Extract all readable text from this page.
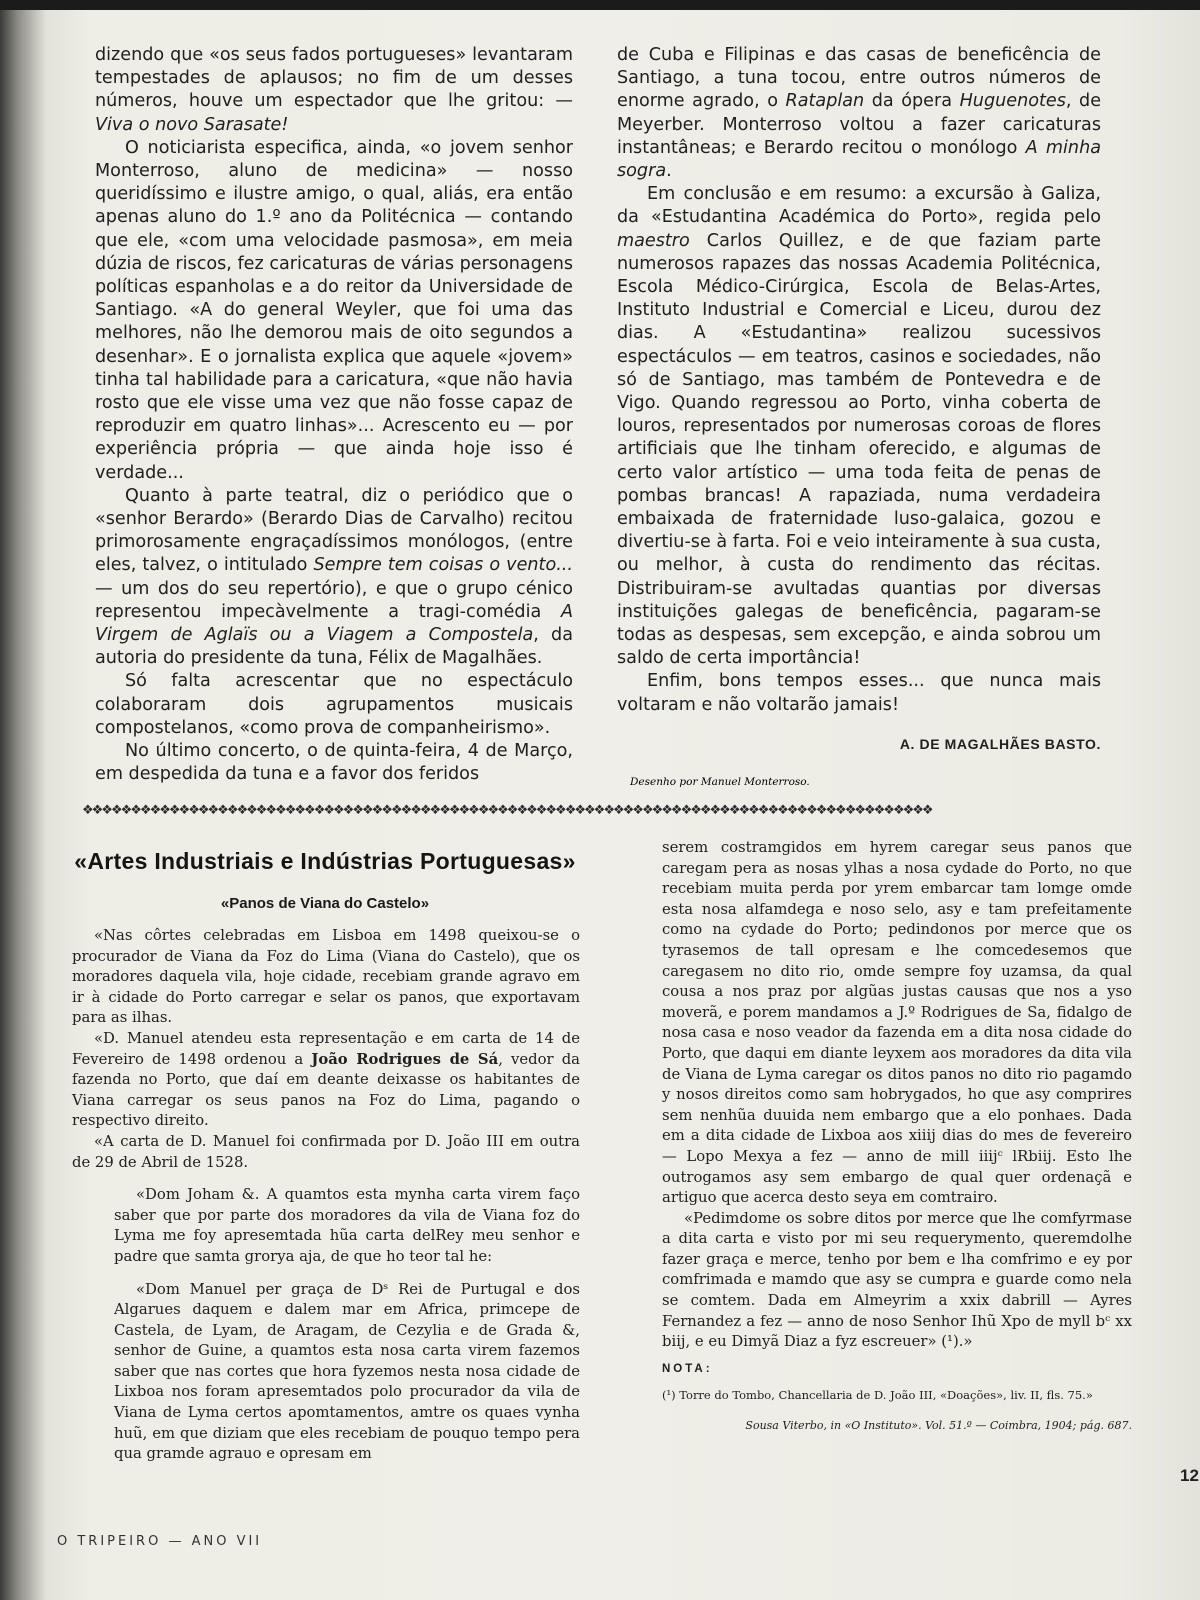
dizendo que «os seus fados portugueses» levantaram tempestades de aplausos; no fim de um desses números, houve um espectador que lhe gritou: — Viva o novo Sarasate!

O noticiarista especifica, ainda, «o jovem senhor Monterroso, aluno de medicina» — nosso queridíssimo e ilustre amigo, o qual, aliás, era então apenas aluno do 1.º ano da Politécnica — contando que ele, «com uma velocidade pasmosa», em meia dúzia de riscos, fez caricaturas de várias personagens políticas espanholas e a do reitor da Universidade de Santiago. «A do general Weyler, que foi uma das melhores, não lhe demorou mais de oito segundos a desenhar». E o jornalista explica que aquele «jovem» tinha tal habilidade para a caricatura, «que não havia rosto que ele visse uma vez que não fosse capaz de reproduzir em quatro linhas»... Acrescento eu — por experiência própria — que ainda hoje isso é verdade...

Quanto à parte teatral, diz o periódico que o «senhor Berardo» (Berardo Dias de Carvalho) recitou primorosamente engraçadíssimos monólogos, (entre eles, talvez, o intitulado Sempre tem coisas o vento... — um dos do seu repertório), e que o grupo cénico representou impecàvelmente a tragi-comédia A Virgem de Aglaïs ou a Viagem a Compostela, da autoria do presidente da tuna, Félix de Magalhães.

Só falta acrescentar que no espectáculo colaboraram dois agrupamentos musicais compostelanos, «como prova de companheirismo».

No último concerto, o de quinta-feira, 4 de Março, em despedida da tuna e a favor dos feridos

de Cuba e Filipinas e das casas de beneficência de Santiago, a tuna tocou, entre outros números de enorme agrado, o Rataplan da ópera Huguenotes, de Meyerber. Monterroso voltou a fazer caricaturas instantâneas; e Berardo recitou o monólogo A minha sogra.

Em conclusão e em resumo: a excursão à Galiza, da «Estudantina Académica do Porto», regida pelo maestro Carlos Quillez, e de que faziam parte numerosos rapazes das nossas Academia Politécnica, Escola Médico-Cirúrgica, Escola de Belas-Artes, Instituto Industrial e Comercial e Liceu, durou dez dias. A «Estudantina» realizou sucessivos espectáculos — em teatros, casinos e sociedades, não só de Santiago, mas também de Pontevedra e de Vigo. Quando regressou ao Porto, vinha coberta de louros, representados por numerosas coroas de flores artificiais que lhe tinham oferecido, e algumas de certo valor artístico — uma toda feita de penas de pombas brancas! A rapaziada, numa verdadeira embaixada de fraternidade luso-galaica, gozou e divertiu-se à farta. Foi e veio inteiramente à sua custa, ou melhor, à custa do rendimento das récitas. Distribuiram-se avultadas quantias por diversas instituições galegas de beneficência, pagaram-se todas as despesas, sem excepção, e ainda sobrou um saldo de certa importância!

Enfim, bons tempos esses... que nunca mais voltaram e não voltarão jamais!

A. DE MAGALHÃES BASTO.
Desenho por Manuel Monterroso.
❖❖❖❖❖❖❖❖❖❖❖❖❖❖❖❖❖❖❖❖❖❖❖❖❖❖❖❖❖❖❖❖❖❖❖❖❖❖❖❖❖❖❖❖❖❖❖❖❖❖❖❖❖❖❖❖❖❖❖❖❖❖❖❖❖❖❖❖❖❖❖❖❖❖❖❖❖❖❖❖❖❖❖❖❖❖❖❖
«Artes Industriais e Indústrias Portuguesas»
«Panos de Viana do Castelo»

«Nas côrtes celebradas em Lisboa em 1498 queixou-se o procurador de Viana da Foz do Lima (Viana do Castelo), que os moradores daquela vila, hoje cidade, recebiam grande agravo em ir à cidade do Porto carregar e selar os panos, que exportavam para as ilhas.

«D. Manuel atendeu esta representação e em carta de 14 de Fevereiro de 1498 ordenou a João Rodrigues de Sá, vedor da fazenda no Porto, que daí em deante deixasse os habitantes de Viana carregar os seus panos na Foz do Lima, pagando o respectivo direito.

«A carta de D. Manuel foi confirmada por D. João III em outra de 29 de Abril de 1528.

«Dom Joham &. A quamtos esta mynha carta virem faço saber que por parte dos moradores da vila de Viana foz do Lyma me foy apresemtada hũa carta delRey meu senhor e padre que samta grorya aja, de que ho teor tal he:

«Dom Manuel per graça de Dˢ Rei de Purtugal e dos Algarues daquem e dalem mar em Africa, primcepe de Castela, de Lyam, de Aragam, de Cezylia e de Grada &, senhor de Guine, a quamtos esta nosa carta virem fazemos saber que nas cortes que hora fyzemos nesta nosa cidade de Lixboa nos foram apresemtados polo procurador da vila de Viana de Lyma certos apomtamentos, amtre os quaes vynha huũ, em que diziam que eles recebiam de pouquo tempo pera qua gramde agrauo e opresam em

serem costramgidos em hyrem caregar seus panos que caregam pera as nosas ylhas a nosa cydade do Porto, no que recebiam muita perda por yrem embarcar tam lomge omde esta nosa alfamdega e noso selo, asy e tam prefeitamente como na cydade do Porto; pedindonos por merce que os tyrasemos de tall opresam e lhe comcedesemos que caregasem no dito rio, omde sempre foy uzamsa, da qual cousa a nos praz por algũas justas causas que nos a yso moverã, e porem mandamos a J.º Rodrigues de Sa, fidalgo de nosa casa e noso veador da fazenda em a dita nosa cidade do Porto, que daqui em diante leyxem aos moradores da dita vila de Viana de Lyma caregar os ditos panos no dito rio pagamdo y nosos direitos como sam hobrygados, ho que asy comprires sem nenhũa duuida nem embargo que a elo ponhaes. Dada em a dita cidade de Lixboa aos xiiij dias do mes de fevereiro — Lopo Mexya a fez — anno de mill iiijᶜ lRbiij. Esto lhe outrogamos asy sem embargo de qual quer ordenaçã e artiguo que acerca desto seya em comtrairo.

«Pedimdome os sobre ditos por merce que lhe comfyrmase a dita carta e visto por mi seu requerymento, queremdolhe fazer graça e merce, tenho por bem e lha comfrimo e ey por comfrimada e mamdo que asy se cumpra e guarde como nela se comtem. Dada em Almeyrim a xxix dabrill — Ayres Fernandez a fez — anno de noso Senhor Ihũ Xpo de myll bᶜ xx biij, e eu Dimyã Diaz a fyz escreuer» (¹).»

NOTA:
(¹) Torre do Tombo, Chancellaria de D. João III, «Doações», liv. II, fls. 75.»
Sousa Viterbo, in «O Instituto». Vol. 51.º — Coimbra, 1904; pág. 687.
12
O TRIPEIRO — ANO VII
